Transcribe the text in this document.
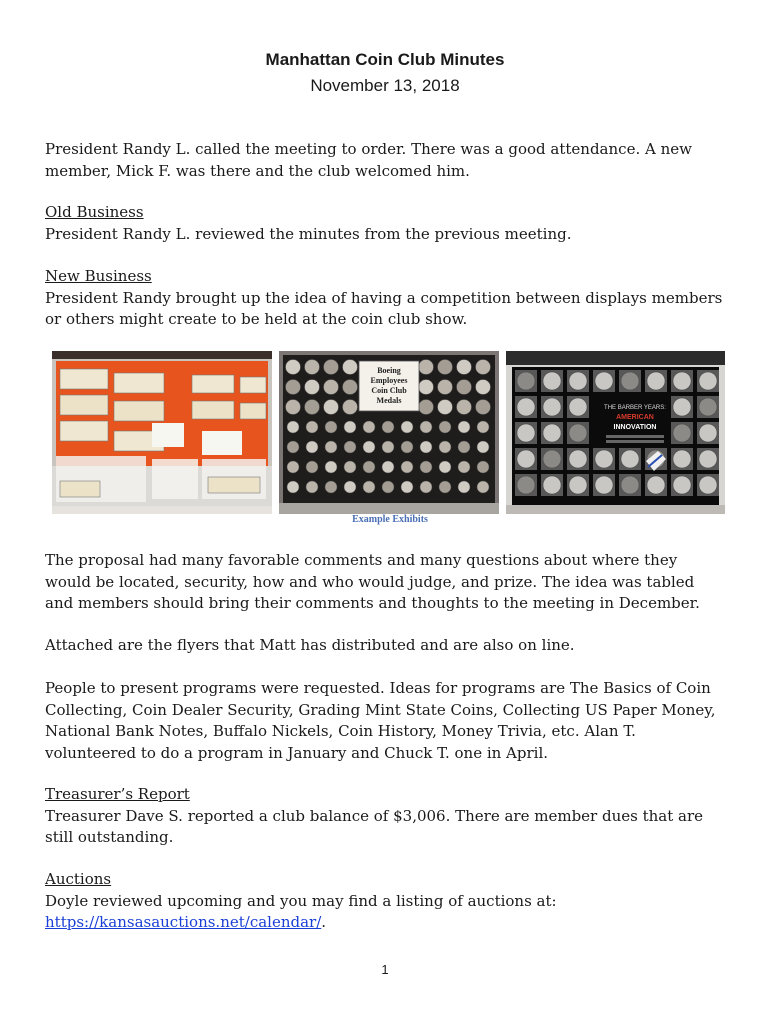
Manhattan Coin Club Minutes
November 13, 2018

President Randy L. called the meeting to order. There was a good attendance. A new member, Mick F. was there and the club welcomed him.

Old Business
President Randy L. reviewed the minutes from the previous meeting.
New Business
President Randy brought up the idea of having a competition between displays members or others might create to be held at the coin club show.
Boeing
Employees
Coin Club
Medals
THE BARBER YEARS:
AMERICAN
INNOVATION
Example Exhibits

The proposal had many favorable comments and many questions about where they would be located, security, how and who would judge, and prize. The idea was tabled and members should bring their comments and thoughts to the meeting in December.

Attached are the flyers that Matt has distributed and are also on line.

People to present programs were requested. Ideas for programs are The Basics of Coin Collecting, Coin Dealer Security, Grading Mint State Coins, Collecting US Paper Money, National Bank Notes, Buffalo Nickels, Coin History, Money Trivia, etc. Alan T. volunteered to do a program in January and Chuck T. one in April.

Treasurer’s Report
Treasurer Dave S. reported a club balance of $3,006. There are member dues that are still outstanding.
Auctions
Doyle reviewed upcoming and you may find a listing of auctions at:
https://kansasauctions.net/calendar/.
1
